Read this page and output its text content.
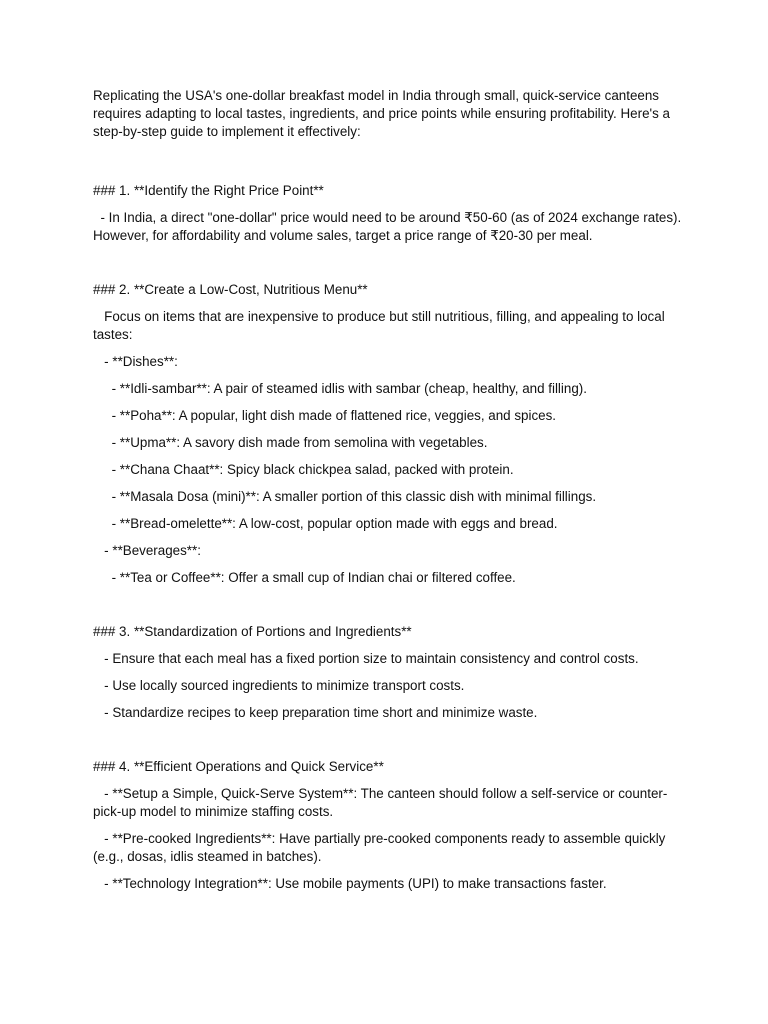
Replicating the USA's one-dollar breakfast model in India through small, quick-service canteens requires adapting to local tastes, ingredients, and price points while ensuring profitability. Here's a step-by-step guide to implement it effectively:

### 1. **Identify the Right Price Point**

- In India, a direct "one-dollar" price would need to be around ₹50-60 (as of 2024 exchange rates). However, for affordability and volume sales, target a price range of ₹20-30 per meal.

### 2. **Create a Low-Cost, Nutritious Menu**

Focus on items that are inexpensive to produce but still nutritious, filling, and appealing to local tastes:

- **Dishes**:

- **Idli-sambar**: A pair of steamed idlis with sambar (cheap, healthy, and filling).

- **Poha**: A popular, light dish made of flattened rice, veggies, and spices.

- **Upma**: A savory dish made from semolina with vegetables.

- **Chana Chaat**: Spicy black chickpea salad, packed with protein.

- **Masala Dosa (mini)**: A smaller portion of this classic dish with minimal fillings.

- **Bread-omelette**: A low-cost, popular option made with eggs and bread.

- **Beverages**:

- **Tea or Coffee**: Offer a small cup of Indian chai or filtered coffee.

### 3. **Standardization of Portions and Ingredients**

- Ensure that each meal has a fixed portion size to maintain consistency and control costs.

- Use locally sourced ingredients to minimize transport costs.

- Standardize recipes to keep preparation time short and minimize waste.

### 4. **Efficient Operations and Quick Service**

- **Setup a Simple, Quick-Serve System**: The canteen should follow a self-service or counter-pick-up model to minimize staffing costs.

- **Pre-cooked Ingredients**: Have partially pre-cooked components ready to assemble quickly (e.g., dosas, idlis steamed in batches).

- **Technology Integration**: Use mobile payments (UPI) to make transactions faster.
